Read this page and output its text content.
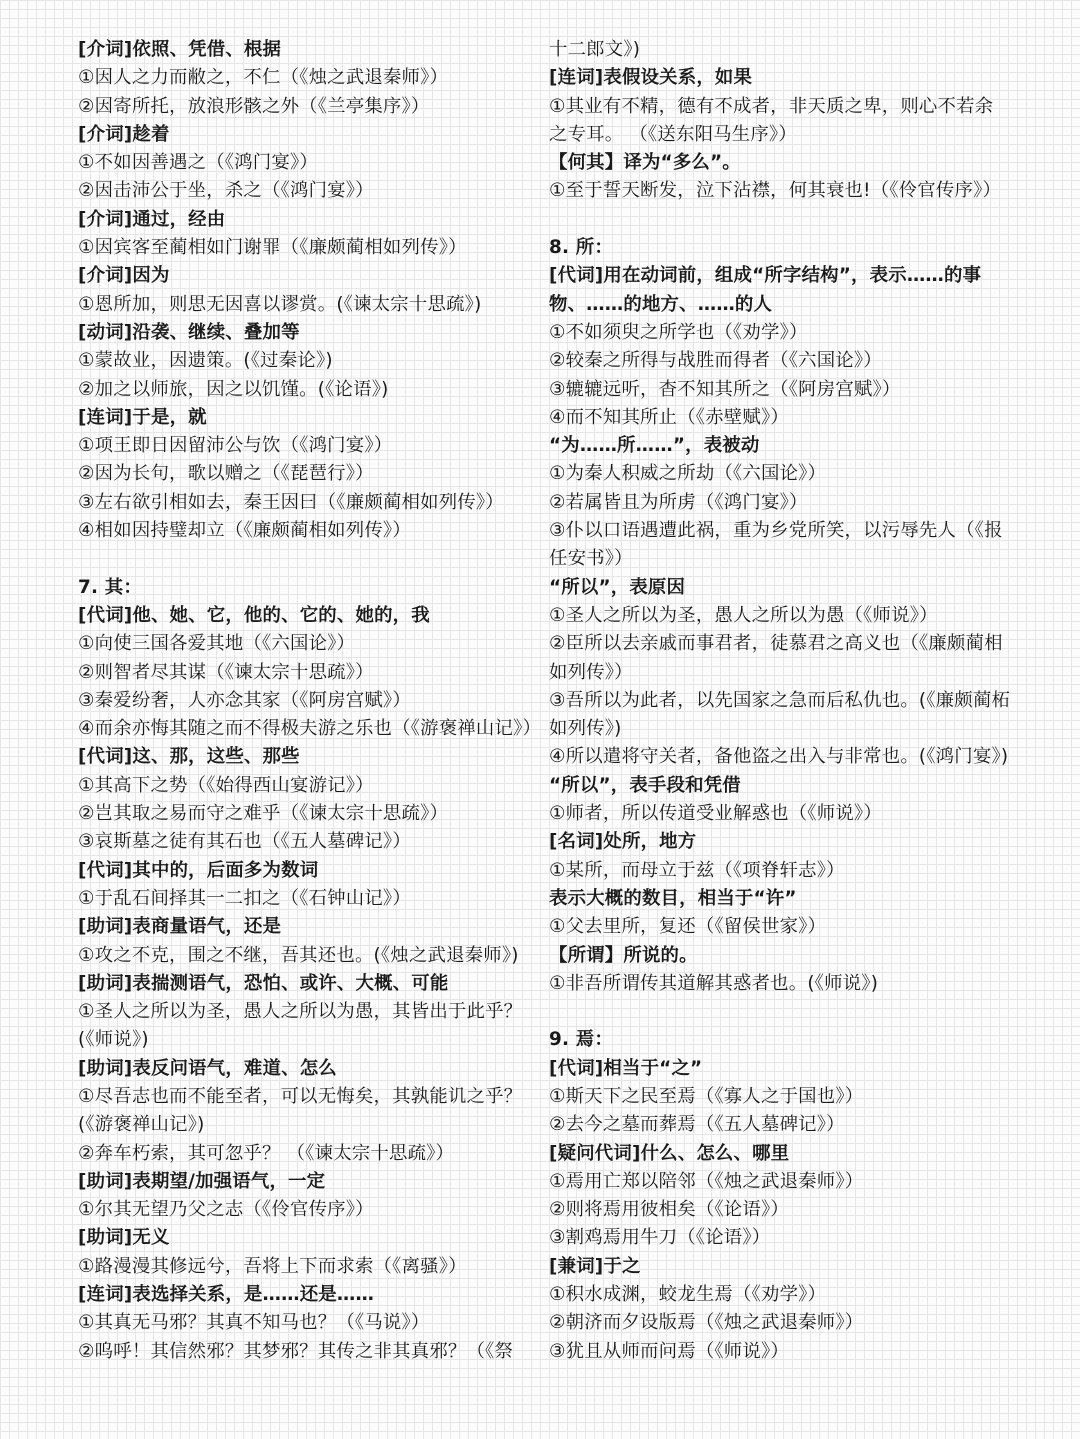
[介词]依照、凭借、根据
①因人之力而敝之，不仁（《烛之武退秦师》）
②因寄所托，放浪形骸之外（《兰亭集序》）
[介词]趁着
①不如因善遇之（《鸿门宴》）
②因击沛公于坐，杀之（《鸿门宴》）
[介词]通过，经由
①因宾客至蔺相如门谢罪（《廉颇蔺相如列传》）
[介词]因为
①恩所加，则思无因喜以谬赏。(《谏太宗十思疏》)
[动词]沿袭、继续、叠加等
①蒙故业，因遗策。(《过秦论》)
②加之以师旅，因之以饥馑。(《论语》)
[连词]于是，就
①项王即日因留沛公与饮（《鸿门宴》）
②因为长句，歌以赠之（《琵琶行》）
③左右欲引相如去，秦王因曰（《廉颇蔺相如列传》）
④相如因持璧却立（《廉颇蔺相如列传》）
7. 其：
[代词]他、她、它，他的、它的、她的，我
①向使三国各爱其地（《六国论》）
②则智者尽其谋（《谏太宗十思疏》）
③秦爱纷奢，人亦念其家（《阿房宫赋》）
④而余亦悔其随之而不得极夫游之乐也（《游褒禅山记》）
[代词]这、那，这些、那些
①其高下之势（《始得西山宴游记》）
②岂其取之易而守之难乎（《谏太宗十思疏》）
③哀斯墓之徒有其石也（《五人墓碑记》）
[代词]其中的，后面多为数词
①于乱石间择其一二扣之（《石钟山记》）
[助词]表商量语气，还是
①攻之不克，围之不继，吾其还也。(《烛之武退秦师》)
[助词]表揣测语气，恐怕、或许、大概、可能
①圣人之所以为圣，愚人之所以为愚，其皆出于此乎？(《师说》)
[助词]表反问语气，难道、怎么
①尽吾志也而不能至者，可以无悔矣，其孰能讥之乎？(《游褒禅山记》)
②奔车朽索，其可忽乎？ （《谏太宗十思疏》）
[助词]表期望/加强语气，一定
①尔其无望乃父之志（《伶官传序》）
[助词]无义
①路漫漫其修远兮，吾将上下而求索（《离骚》）
[连词]表选择关系，是……还是……
①其真无马邪？其真不知马也？（《马说》）
②呜呼！其信然邪？其梦邪？其传之非其真邪？（《祭
十二郎文》)
[连词]表假设关系，如果
①其业有不精，德有不成者，非天质之卑，则心不若余之专耳。 （《送东阳马生序》）
【何其】译为“多么”。
①至于誓天断发，泣下沾襟，何其衰也!（《伶官传序》）
8. 所：
[代词]用在动词前，组成“所字结构”，表示……的事物、……的地方、……的人
①不如须臾之所学也（《劝学》）
②较秦之所得与战胜而得者（《六国论》）
③辘辘远听，杳不知其所之（《阿房宫赋》）
④而不知其所止（《赤壁赋》）
“为……所……”，表被动
①为秦人积威之所劫（《六国论》）
②若属皆且为所虏（《鸿门宴》）
③仆以口语遇遭此祸，重为乡党所笑，以污辱先人（《报任安书》）
“所以”，表原因
①圣人之所以为圣，愚人之所以为愚（《师说》）
②臣所以去亲戚而事君者，徒慕君之高义也（《廉颇蔺相如列传》）
③吾所以为此者，以先国家之急而后私仇也。(《廉颇蔺柘如列传》)
④所以遣将守关者，备他盗之出入与非常也。(《鸿门宴》)
“所以”，表手段和凭借
①师者，所以传道受业解惑也（《师说》）
[名词]处所，地方
①某所，而母立于兹（《项脊轩志》）
表示大概的数目，相当于“许”
①父去里所，复还（《留侯世家》）
【所谓】所说的。
①非吾所谓传其道解其惑者也。(《师说》)
9. 焉：
[代词]相当于“之”
①斯天下之民至焉（《寡人之于国也》）
②去今之墓而葬焉（《五人墓碑记》）
[疑问代词]什么、怎么、哪里
①焉用亡郑以陪邻（《烛之武退秦师》）
②则将焉用彼相矣（《论语》）
③割鸡焉用牛刀（《论语》）
[兼词]于之
①积水成渊，蛟龙生焉（《劝学》）
②朝济而夕设版焉（《烛之武退秦师》）
③犹且从师而问焉（《师说》）
